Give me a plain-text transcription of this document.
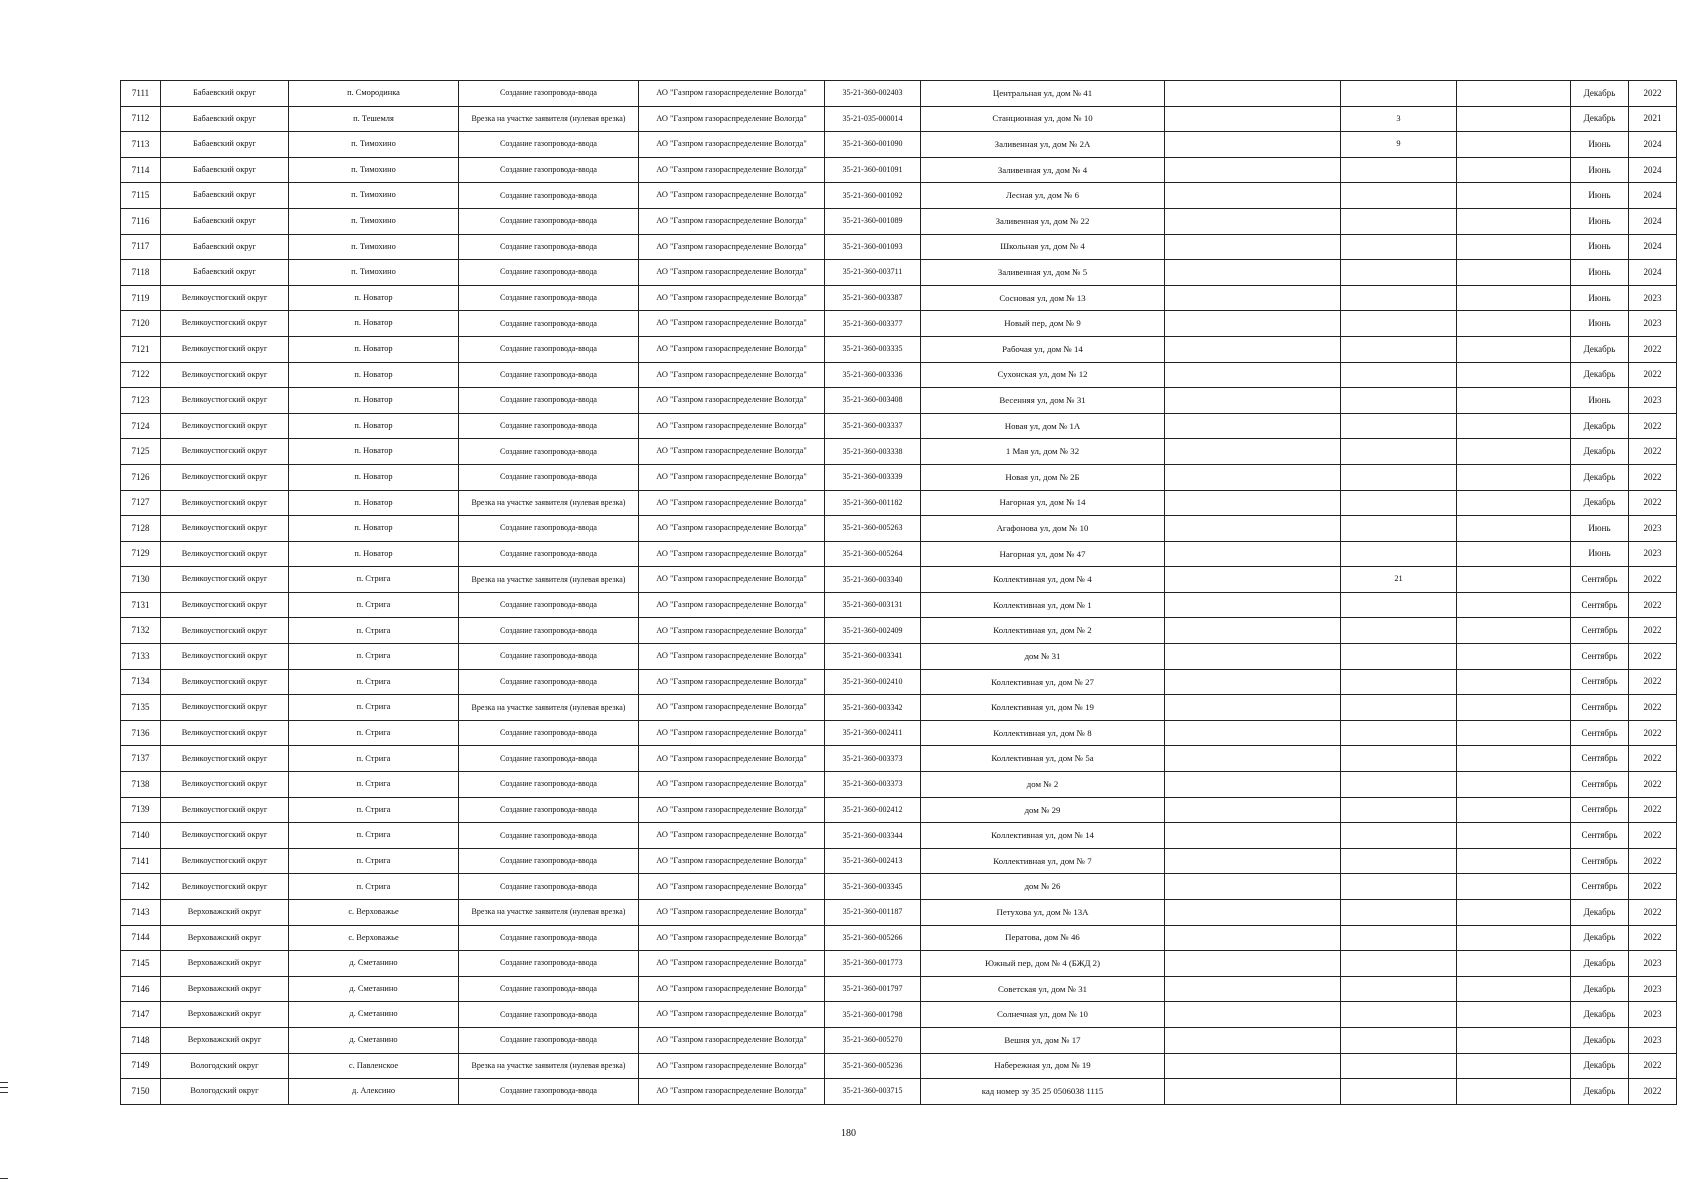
7111	Бабаевский округ	п. Смородинка	Создание газопровода-ввода	АО "Газпром газораспределение Вологда"	35-21-360-002403	Центральная ул, дом № 41				Декабрь	2022
7112	Бабаевский округ	п. Тешемля	Врезка на участке заявителя (нулевая врезка)	АО "Газпром газораспределение Вологда"	35-21-035-000014	Станционная ул, дом № 10		3		Декабрь	2021
7113	Бабаевский округ	п. Тимохино	Создание газопровода-ввода	АО "Газпром газораспределение Вологда"	35-21-360-001090	Заливенная ул, дом № 2А		9		Июнь	2024
7114	Бабаевский округ	п. Тимохино	Создание газопровода-ввода	АО "Газпром газораспределение Вологда"	35-21-360-001091	Заливенная ул, дом № 4				Июнь	2024
7115	Бабаевский округ	п. Тимохино	Создание газопровода-ввода	АО "Газпром газораспределение Вологда"	35-21-360-001092	Лесная ул, дом № 6				Июнь	2024
7116	Бабаевский округ	п. Тимохино	Создание газопровода-ввода	АО "Газпром газораспределение Вологда"	35-21-360-001089	Заливенная ул, дом № 22				Июнь	2024
7117	Бабаевский округ	п. Тимохино	Создание газопровода-ввода	АО "Газпром газораспределение Вологда"	35-21-360-001093	Школьная ул, дом № 4				Июнь	2024
7118	Бабаевский округ	п. Тимохино	Создание газопровода-ввода	АО "Газпром газораспределение Вологда"	35-21-360-003711	Заливенная ул, дом № 5				Июнь	2024
7119	Великоустюгский округ	п. Новатор	Создание газопровода-ввода	АО "Газпром газораспределение Вологда"	35-21-360-003387	Сосновая ул, дом № 13				Июнь	2023
7120	Великоустюгский округ	п. Новатор	Создание газопровода-ввода	АО "Газпром газораспределение Вологда"	35-21-360-003377	Новый пер, дом № 9				Июнь	2023
7121	Великоустюгский округ	п. Новатор	Создание газопровода-ввода	АО "Газпром газораспределение Вологда"	35-21-360-003335	Рабочая ул, дом № 14				Декабрь	2022
7122	Великоустюгский округ	п. Новатор	Создание газопровода-ввода	АО "Газпром газораспределение Вологда"	35-21-360-003336	Сухонская ул, дом № 12				Декабрь	2022
7123	Великоустюгский округ	п. Новатор	Создание газопровода-ввода	АО "Газпром газораспределение Вологда"	35-21-360-003408	Весенняя ул, дом № 31				Июнь	2023
7124	Великоустюгский округ	п. Новатор	Создание газопровода-ввода	АО "Газпром газораспределение Вологда"	35-21-360-003337	Новая ул, дом № 1А				Декабрь	2022
7125	Великоустюгский округ	п. Новатор	Создание газопровода-ввода	АО "Газпром газораспределение Вологда"	35-21-360-003338	1 Мая ул, дом № 32				Декабрь	2022
7126	Великоустюгский округ	п. Новатор	Создание газопровода-ввода	АО "Газпром газораспределение Вологда"	35-21-360-003339	Новая ул, дом № 2Б				Декабрь	2022
7127	Великоустюгский округ	п. Новатор	Врезка на участке заявителя (нулевая врезка)	АО "Газпром газораспределение Вологда"	35-21-360-001182	Нагорная ул, дом № 14				Декабрь	2022
7128	Великоустюгский округ	п. Новатор	Создание газопровода-ввода	АО "Газпром газораспределение Вологда"	35-21-360-005263	Агафонова ул, дом № 10				Июнь	2023
7129	Великоустюгский округ	п. Новатор	Создание газопровода-ввода	АО "Газпром газораспределение Вологда"	35-21-360-005264	Нагорная ул, дом № 47				Июнь	2023
7130	Великоустюгский округ	п. Стрига	Врезка на участке заявителя (нулевая врезка)	АО "Газпром газораспределение Вологда"	35-21-360-003340	Коллективная ул, дом № 4		21		Сентябрь	2022
7131	Великоустюгский округ	п. Стрига	Создание газопровода-ввода	АО "Газпром газораспределение Вологда"	35-21-360-003131	Коллективная ул, дом № 1				Сентябрь	2022
7132	Великоустюгский округ	п. Стрига	Создание газопровода-ввода	АО "Газпром газораспределение Вологда"	35-21-360-002409	Коллективная ул, дом № 2				Сентябрь	2022
7133	Великоустюгский округ	п. Стрига	Создание газопровода-ввода	АО "Газпром газораспределение Вологда"	35-21-360-003341	дом № 31				Сентябрь	2022
7134	Великоустюгский округ	п. Стрига	Создание газопровода-ввода	АО "Газпром газораспределение Вологда"	35-21-360-002410	Коллективная ул, дом № 27				Сентябрь	2022
7135	Великоустюгский округ	п. Стрига	Врезка на участке заявителя (нулевая врезка)	АО "Газпром газораспределение Вологда"	35-21-360-003342	Коллективная ул, дом № 19				Сентябрь	2022
7136	Великоустюгский округ	п. Стрига	Создание газопровода-ввода	АО "Газпром газораспределение Вологда"	35-21-360-002411	Коллективная ул, дом № 8				Сентябрь	2022
7137	Великоустюгский округ	п. Стрига	Создание газопровода-ввода	АО "Газпром газораспределение Вологда"	35-21-360-003373	Коллективная ул, дом № 5а				Сентябрь	2022
7138	Великоустюгский округ	п. Стрига	Создание газопровода-ввода	АО "Газпром газораспределение Вологда"	35-21-360-003373	дом № 2				Сентябрь	2022
7139	Великоустюгский округ	п. Стрига	Создание газопровода-ввода	АО "Газпром газораспределение Вологда"	35-21-360-002412	дом № 29				Сентябрь	2022
7140	Великоустюгский округ	п. Стрига	Создание газопровода-ввода	АО "Газпром газораспределение Вологда"	35-21-360-003344	Коллективная ул, дом № 14				Сентябрь	2022
7141	Великоустюгский округ	п. Стрига	Создание газопровода-ввода	АО "Газпром газораспределение Вологда"	35-21-360-002413	Коллективная ул, дом № 7				Сентябрь	2022
7142	Великоустюгский округ	п. Стрига	Создание газопровода-ввода	АО "Газпром газораспределение Вологда"	35-21-360-003345	дом № 26				Сентябрь	2022
7143	Верховажский округ	с. Верховажье	Врезка на участке заявителя (нулевая врезка)	АО "Газпром газораспределение Вологда"	35-21-360-001187	Петухова ул, дом № 13А				Декабрь	2022
7144	Верховажский округ	с. Верховажье	Создание газопровода-ввода	АО "Газпром газораспределение Вологда"	35-21-360-005266	Ператова, дом № 46				Декабрь	2022
7145	Верховажский округ	д. Сметанино	Создание газопровода-ввода	АО "Газпром газораспределение Вологда"	35-21-360-001773	Южный пер, дом № 4 (БЖД 2)				Декабрь	2023
7146	Верховажский округ	д. Сметанино	Создание газопровода-ввода	АО "Газпром газораспределение Вологда"	35-21-360-001797	Советская ул, дом № 31				Декабрь	2023
7147	Верховажский округ	д. Сметанино	Создание газопровода-ввода	АО "Газпром газораспределение Вологда"	35-21-360-001798	Солнечная ул, дом № 10				Декабрь	2023
7148	Верховажский округ	д. Сметанино	Создание газопровода-ввода	АО "Газпром газораспределение Вологда"	35-21-360-005270	Вешня ул, дом № 17				Декабрь	2023
7149	Вологодский округ	с. Павленское	Врезка на участке заявителя (нулевая врезка)	АО "Газпром газораспределение Вологда"	35-21-360-005236	Набережная ул, дом № 19				Декабрь	2022
7150	Вологодский округ	д. Алексино	Создание газопровода-ввода	АО "Газпром газораспределение Вологда"	35-21-360-003715	кад номер зу 35 25 0506038 1115				Декабрь	2022
180
